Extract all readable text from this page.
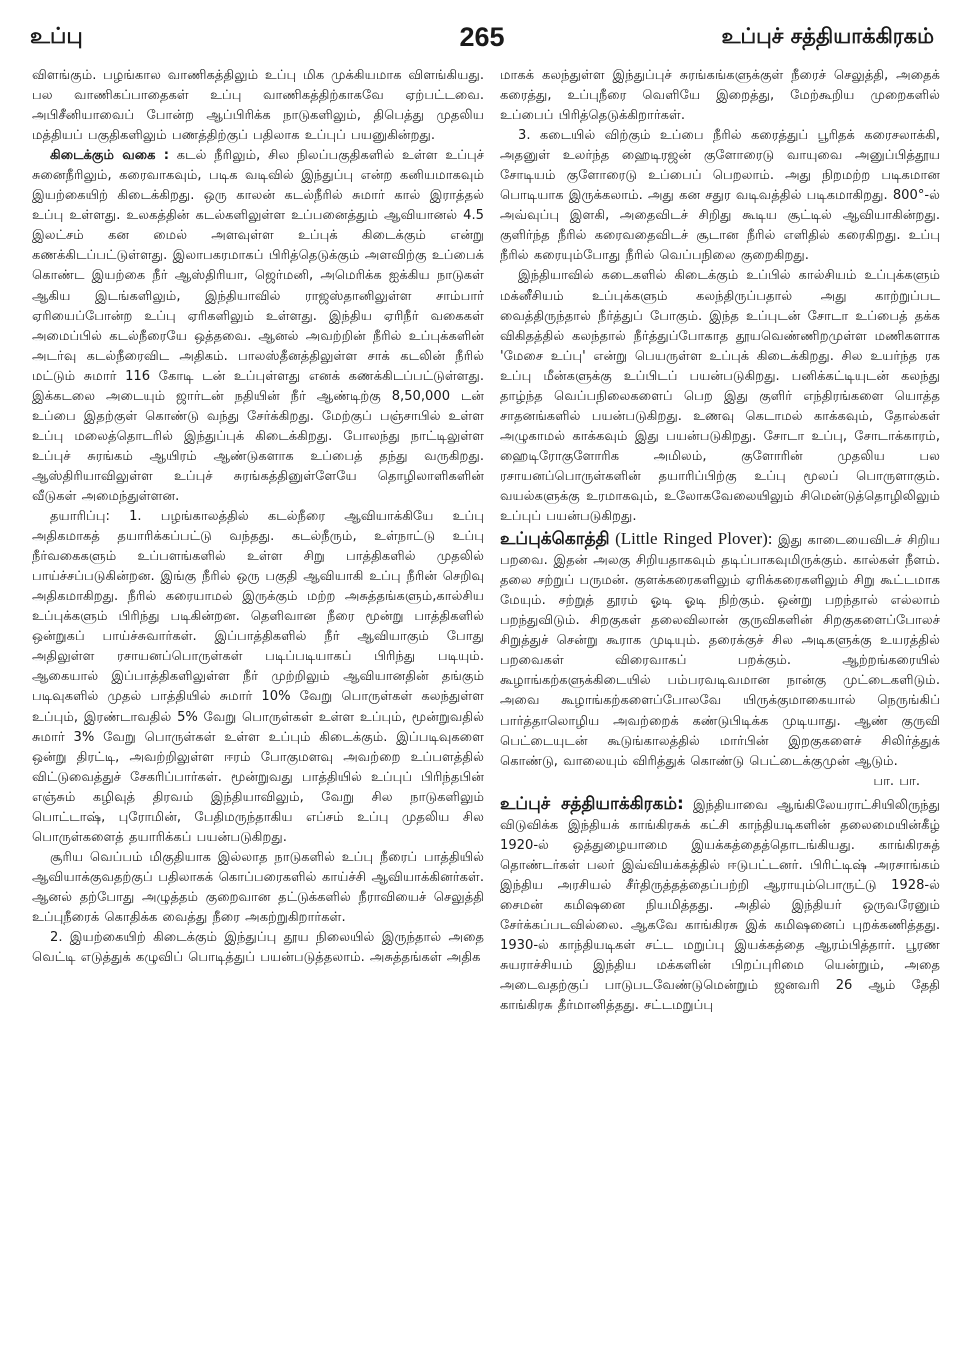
உப்பு	265	உப்புச் சத்தியாக்கிரகம்

விளங்கும். பழங்கால வாணிகத்திலும் உப்பு மிக முக்கியமாக விளங்கியது. பல வாணிகப்பாதைகள் உப்பு வாணிகத்திற்காகவே ஏற்பட்டவை. அபிசீனியாவைப் போன்ற ஆப்பிரிக்க நாடுகளிலும், திபெத்து முதலிய மத்தியப் பகுதிகளிலும் பணத்திற்குப் பதிலாக உப்புப் பயனுகின்றது.

கிடைக்கும் வகை : கடல் நீரிலும், சில நிலப்பகுதிகளில் உள்ள உப்புச் சுனைநீரிலும், கரைவாகவும், படிக வடிவில் இந்துப்பு என்ற கனியமாகவும் இயற்கையிற் கிடைக்கிறது. ஒரு காலன் கடல்நீரில் சுமார் கால் இராத்தல் உப்பு உள்ளது. உலகத்தின் கடல்களிலுள்ள உப்பனைத்தும் ஆவியானல் 4.5 இலட்சம் கன மைல் அளவுள்ள உப்புக் கிடைக்கும் என்று கணக்கிடப்பட்டுள்ளது. இலாபகரமாகப் பிரித்தெடுக்கும் அளவிற்கு உப்பைக் கொண்ட இயற்கை நீர் ஆஸ்திரியா, ஜெர்மனி, அமெரிக்க ஐக்கிய நாடுகள் ஆகிய இடங்களிலும், இந்தியாவில் ராஜஸ்தானிலுள்ள சாம்பார் ஏரியைப்போன்ற உப்பு ஏரிகளிலும் உள்ளது. இந்திய ஏரிநீர் வகைகள் அமைப்பில் கடல்நீரையே ஒத்தவை. ஆனல் அவற்றின் நீரில் உப்புக்களின் அடர்வு கடல்நீரைவிட அதிகம். பாலஸ்தீனத்திலுள்ள சாக் கடலின் நீரில் மட்டும் சுமார் 116 கோடி டன் உப்புள்ளது எனக் கணக்கிடப்பட்டுள்ளது. இக்கடலை அடையும் ஜார்டன் நதியின் நீர் ஆண்டிற்கு 8,50,000 டன் உப்பை இதற்குள் கொண்டு வந்து சேர்க்கிறது. மேற்குப் பஞ்சாபில் உள்ள உப்பு மலைத்தொடரில் இந்துப்புக் கிடைக்கிறது. போலந்து நாட்டிலுள்ள உப்புச் சுரங்கம் ஆயிரம் ஆண்டுகளாக உப்பைத் தந்து வருகிறது. ஆஸ்திரியாவிலுள்ள உப்புச் சுரங்கத்தினுள்ளேயே தொழிலாளிகளின் வீடுகள் அமைந்துள்ளன.

தயாரிப்பு: 1. பழங்காலத்தில் கடல்நீரை ஆவியாக்கியே உப்பு அதிகமாகத் தயாரிக்கப்பட்டு வந்தது. கடல்நீரும், உள்நாட்டு உப்பு நீர்வகைகளும் உப்பளங்களில் உள்ள சிறு பாத்திகளில் முதலில் பாய்ச்சப்படுகின்றன. இங்கு நீரில் ஒரு பகுதி ஆவியாகி உப்பு நீரின் செறிவு அதிகமாகிறது. நீரில் கரையாமல் இருக்கும் மற்ற அசுத்தங்களும்,கால்சிய உப்புக்களும் பிரிந்து படிகின்றன. தெளிவான நீரை மூன்று பாத்திகளில் ஒன்றுகப் பாய்ச்சுவார்கள். இப்பாத்திகளில் நீர் ஆவியாகும் போது அதிலுள்ள ரசாயனப்பொருள்கள் படிப்படியாகப் பிரிந்து படியும். ஆகையால் இப்பாத்திகளிலுள்ள நீர் முற்றிலும் ஆவியானதின் தங்கும் படிவுகளில் முதல் பாத்தியில் சுமார் 10% வேறு பொருள்கள் கலந்துள்ள உப்பும், இரண்டாவதில் 5% வேறு பொருள்கள் உள்ள உப்பும், மூன்றுவதில் சுமார் 3% வேறு பொருள்கள் உள்ள உப்பும் கிடைக்கும். இப்படிவுகளை ஒன்று திரட்டி, அவற்றிலுள்ள ஈரம் போகுமளவு அவற்றை உப்பளத்தில் விட்டுவைத்துச் சேகரிப்பார்கள். மூன்றுவது பாத்தியில் உப்புப் பிரிந்தபின் எஞ்சும் கழிவுத் திரவம் இந்தியாவிலும், வேறு சில நாடுகளிலும் பொட்டாஷ், புரோமின், பேதிமருந்தாகிய எப்சம் உப்பு முதலிய சில பொருள்களைத் தயாரிக்கப் பயன்படுகிறது.

சூரிய வெப்பம் மிகுதியாக இல்லாத நாடுகளில் உப்பு நீரைப் பாத்தியில் ஆவியாக்குவதற்குப் பதிலாகக் கொப்பரைகளில் காய்ச்சி ஆவியாக்கினர்கள். ஆனல் தற்போது அழுத்தம் குறைவான தட்டுக்களில் நீராவியைச் செலுத்தி உப்புநீரைக் கொதிக்க வைத்து நீரை அகற்றுகிறார்கள்.

2. இயற்கையிற் கிடைக்கும் இந்துப்பு தூய நிலையில் இருந்தால் அதை வெட்டி எடுத்துக் கழுவிப் பொடித்துப் பயன்படுத்தலாம். அசுத்தங்கள் அதிக

மாகக் கலந்துள்ள இந்துப்புச் சுரங்கங்களுக்குள் நீரைச் செலுத்தி, அதைக் கரைத்து, உப்புநீரை வெளியே இறைத்து, மேற்கூறிய முறைகளில் உப்பைப் பிரித்தெடுக்கிறார்கள்.

3. கடையில் விற்கும் உப்பை நீரில் கரைத்துப் பூரிதக் கரைசலாக்கி, அதனுள் உலர்ந்த ஹைடிரஜன் குளோரைடு வாயுவை அனுப்பித்தூய சோடியம் குளோரைடு உப்பைப் பெறலாம். அது நிறமற்ற படிகமான பொடியாக இருக்கலாம். அது கன சதுர வடிவத்தில் படிகமாகிறது. 800°-ல் அவ்வுப்பு இளகி, அதைவிடச் சிறிது கூடிய சூட்டில் ஆவியாகின்றது. குளிர்ந்த நீரில் கரைவதைவிடச் சூடான நீரில் எளிதில் கரைகிறது. உப்பு நீரில் கரையும்போது நீரில் வெப்பநிலை குறைகிறது.

இந்தியாவில் கடைகளில் கிடைக்கும் உப்பில் கால்சியம் உப்புக்களும் மக்னீசியம் உப்புக்களும் கலந்திருப்பதால் அது காற்றுப்பட வைத்திருந்தால் நீர்த்துப் போகும். இந்த உப்புடன் சோடா உப்பைத் தக்க விகிதத்தில் கலந்தால் நீர்த்துப்போகாத தூயவெண்ணிறமுள்ள மணிகளாக 'மேசை உப்பு' என்று பெயருள்ள உப்புக் கிடைக்கிறது. சில உயர்ந்த ரக உப்பு மீன்களுக்கு உப்பிடப் பயன்படுகிறது. பனிக்கட்டியுடன் கலந்து தாழ்ந்த வெப்பநிலைகளைப் பெற இது குளிர் எந்திரங்களை யொத்த சாதனங்களில் பயன்படுகிறது. உணவு கெடாமல் காக்கவும், தோல்கள் அழுகாமல் காக்கவும் இது பயன்படுகிறது. சோடா உப்பு, சோடாக்காரம், ஹைடிரோகுளோரிக அமிலம், குளோரின் முதலிய பல ரசாயனப்பொருள்களின் தயாரிப்பிற்கு உப்பு மூலப் பொருளாகும். வயல்களுக்கு உரமாகவும், உலோகவேலையிலும் சிமென்டுத்தொழிலிலும் உப்புப் பயன்படுகிறது.

உப்புக்கொத்தி (Little Ringed Plover): இது காடையைவிடச் சிறிய பறவை. இதன் அலகு சிறியதாகவும் தடிப்பாகவுமிருக்கும். கால்கள் நீளம். தலை சற்றுப் பருமன். குளக்கரைகளிலும் ஏரிக்கரைகளிலும் சிறு கூட்டமாக மேயும். சற்றுத் தூரம் ஓடி ஓடி நிற்கும். ஒன்று பறந்தால் எல்லாம் பறந்துவிடும். சிறகுகள் தலைவிலான் குருவிகளின் சிறகுகளைப்போலச் சிறுத்துச் சென்று கூராக முடியும். தரைக்குச் சில அடிகளுக்கு உயரத்தில் பறவைகள் விரைவாகப் பறக்கும். ஆற்றங்கரையில் கூழாங்கற்களுக்கிடையில் பம்பரவடிவமான நான்கு முட்டைகளிடும். அவை கூழாங்கற்களைப்போலவே யிருக்குமாகையால் நெருங்கிப் பார்த்தாலொழிய அவற்றைக் கண்டுபிடிக்க முடியாது. ஆண் குருவி பெட்டையுடன் கூடுங்காலத்தில் மார்பின் இறகுகளைச் சிலிர்த்துக் கொண்டு, வாலையும் விரித்துக் கொண்டு பெட்டைக்குமுன் ஆடும்.

பா. பா.

உப்புச் சத்தியாக்கிரகம்: இந்தியாவை ஆங்கிலேயராட்சியிலிருந்து விடுவிக்க இந்தியக் காங்கிரசுக் கட்சி காந்தியடிகளின் தலைமையின்கீழ் 1920-ல் ஒத்துழையாமை இயக்கத்தைத்தொடங்கியது. காங்கிரசுத் தொண்டர்கள் பலர் இவ்வியக்கத்தில் ஈடுபட்டனர். பிரிட்டிஷ் அரசாங்கம் இந்திய அரசியல் சீர்திருத்தத்தைப்பற்றி ஆராயும்பொருட்டு 1928-ல் சைமன் கமிஷனை நியமித்தது. அதில் இந்தியர் ஒருவரேனும் சேர்க்கப்படவில்லை. ஆகவே காங்கிரசு இக் கமிஷனைப் புறக்கணித்தது. 1930-ல் காந்தியடிகள் சட்ட மறுப்பு இயக்கத்தை ஆரம்பித்தார். பூரண சுயராச்சியம் இந்திய மக்களின் பிறப்புரிமை யென்றும், அதை அடைவதற்குப் பாடுபடவேண்டுமென்றும் ஜனவரி 26 ஆம் தேதி காங்கிரசு தீர்மானித்தது. சட்டமறுப்பு
